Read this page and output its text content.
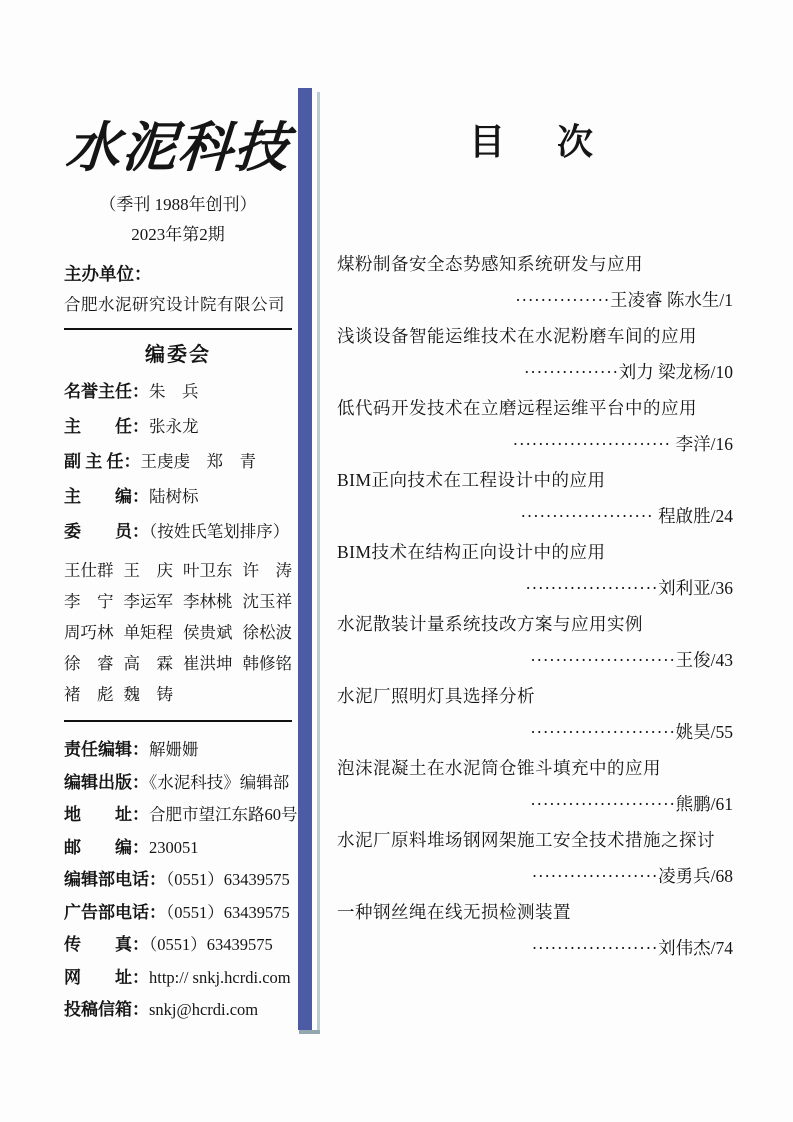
水泥科技
（季刊 1988年创刊）
2023年第2期
主办单位：
合肥水泥研究设计院有限公司
编委会
名誉主任：朱　兵
主　　任：张永龙
副 主 任：王虔虔　郑　青
主　　编：陆树标
委　　员：（按姓氏笔划排序）
王仕群 王　庆 叶卫东 许　涛
李　宁 李运军 李林桃 沈玉祥
周巧林 单矩程 侯贵斌 徐松波
徐　睿 高　霖 崔洪坤 韩修铭
褚　彪 魏　铸
责任编辑：解姗姗
编辑出版：《水泥科技》编辑部
地　　址：合肥市望江东路60号
邮　　编：230051
编辑部电话：（0551）63439575
广告部电话：（0551）63439575
传　　真：（0551）63439575
网　　址：http:// snkj.hcrdi.com
投稿信箱：snkj@hcrdi.com
目　次
煤粉制备安全态势感知系统研发与应用
···············王凌睿 陈水生/1
浅谈设备智能运维技术在水泥粉磨车间的应用
···············刘力 梁龙杨/10
低代码开发技术在立磨远程运维平台中的应用
························· 李洋/16
BIM正向技术在工程设计中的应用
····················· 程啟胜/24
BIM技术在结构正向设计中的应用
·····················刘利亚/36
水泥散装计量系统技改方案与应用实例
·······················王俊/43
水泥厂照明灯具选择分析
·······················姚昊/55
泡沫混凝土在水泥筒仓锥斗填充中的应用
·······················熊鹏/61
水泥厂原料堆场钢网架施工安全技术措施之探讨
····················凌勇兵/68
一种钢丝绳在线无损检测装置
····················刘伟杰/74
